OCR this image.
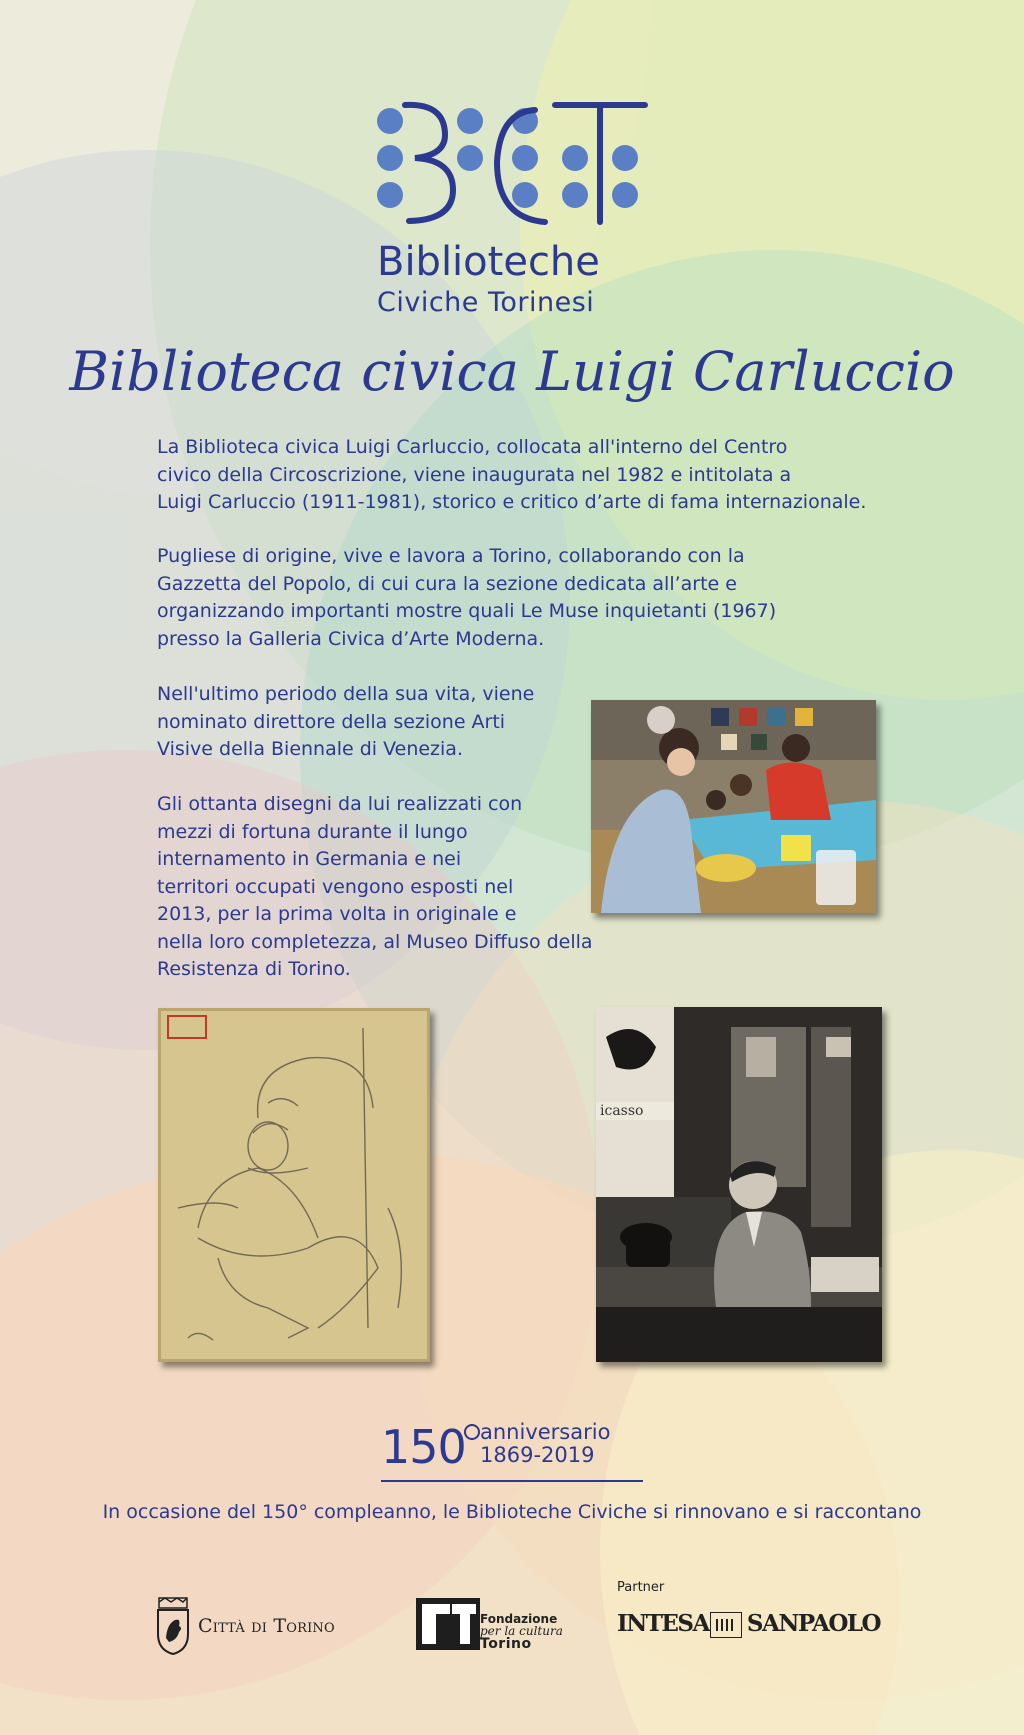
Biblioteche
Civiche Torinesi
Biblioteca civica Luigi Carluccio

La Biblioteca civica Luigi Carluccio, collocata all'interno del Centro
civico della Circoscrizione, viene inaugurata nel 1982 e intitolata a
Luigi Carluccio (1911-1981), storico e critico d’arte di fama internazionale.

Pugliese di origine, vive e lavora a Torino, collaborando con la
Gazzetta del Popolo, di cui cura la sezione dedicata all’arte e
organizzando importanti mostre quali Le Muse inquietanti (1967)
presso la Galleria Civica d’Arte Moderna.

Nell'ultimo periodo della sua vita, viene
nominato direttore della sezione Arti
Visive della Biennale di Venezia.

Gli ottanta disegni da lui realizzati con
mezzi di fortuna durante il lungo
internamento in Germania e nei
territori occupati vengono esposti nel
2013, per la prima volta in originale e
nella loro completezza, al Museo Diffuso della
Resistenza di Torino.

icasso
150 anniversario
1869-2019
In occasione del 150° compleanno, le Biblioteche Civiche si rinnovano e si raccontano
Città di Torino	Fondazione
per la cultura
Torino
Partner
INTESA SANPAOLO
